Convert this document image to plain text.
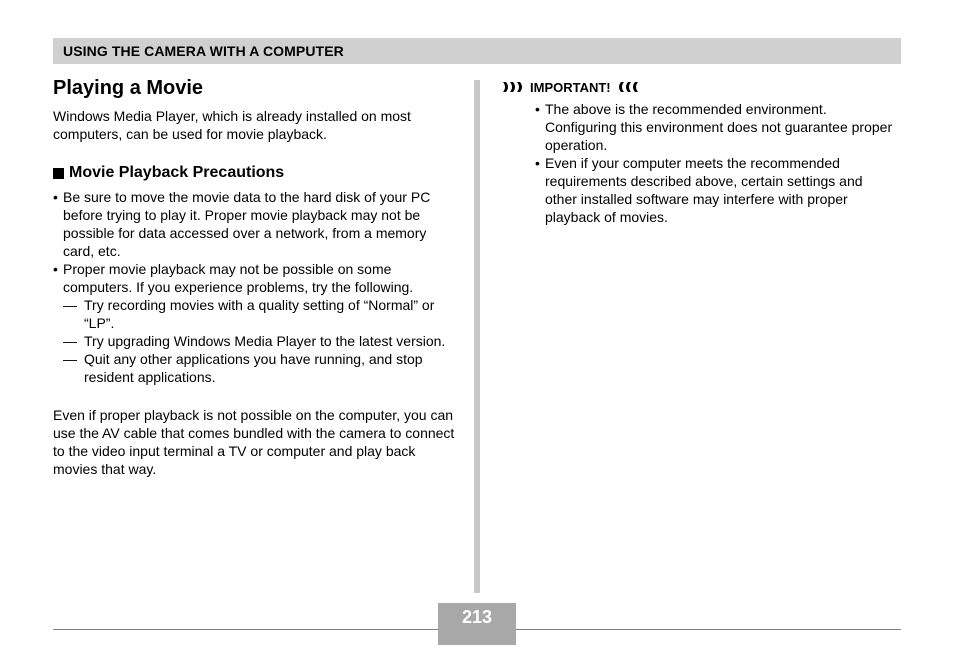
USING THE CAMERA WITH A COMPUTER
Playing a Movie

Windows Media Player, which is already installed on most computers, can be used for movie playback.

Movie Playback Precautions
• Be sure to move the movie data to the hard disk of your PC before trying to play it. Proper movie playback may not be possible for data accessed over a network, from a memory card, etc.
• Proper movie playback may not be possible on some computers. If you experience problems, try the following.
— Try recording movies with a quality setting of “Normal” or “LP”.
— Try upgrading Windows Media Player to the latest version.
— Quit any other applications you have running, and stop resident applications.

Even if proper playback is not possible on the computer, you can use the AV cable that comes bundled with the camera to connect to the video input terminal a TV or computer and play back movies that way.

IMPORTANT!
• The above is the recommended environment. Configuring this environment does not guarantee proper operation.
• Even if your computer meets the recommended requirements described above, certain settings and other installed software may interfere with proper playback of movies.
213
